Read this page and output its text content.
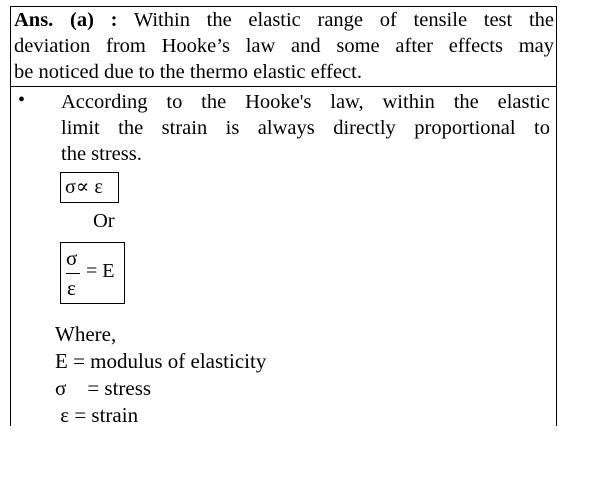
Ans. (a) : Within the elastic range of tensile test the
deviation from Hooke’s law and some after effects may
be noticed due to the thermo elastic effect.
• According to the Hooke's law, within the elastic
limit the strain is always directly proportional to
the stress.
σ∝ ε
Or
σ
ε
= E
Where,
E = modulus of elasticity
σ    = stress
ε = strain
